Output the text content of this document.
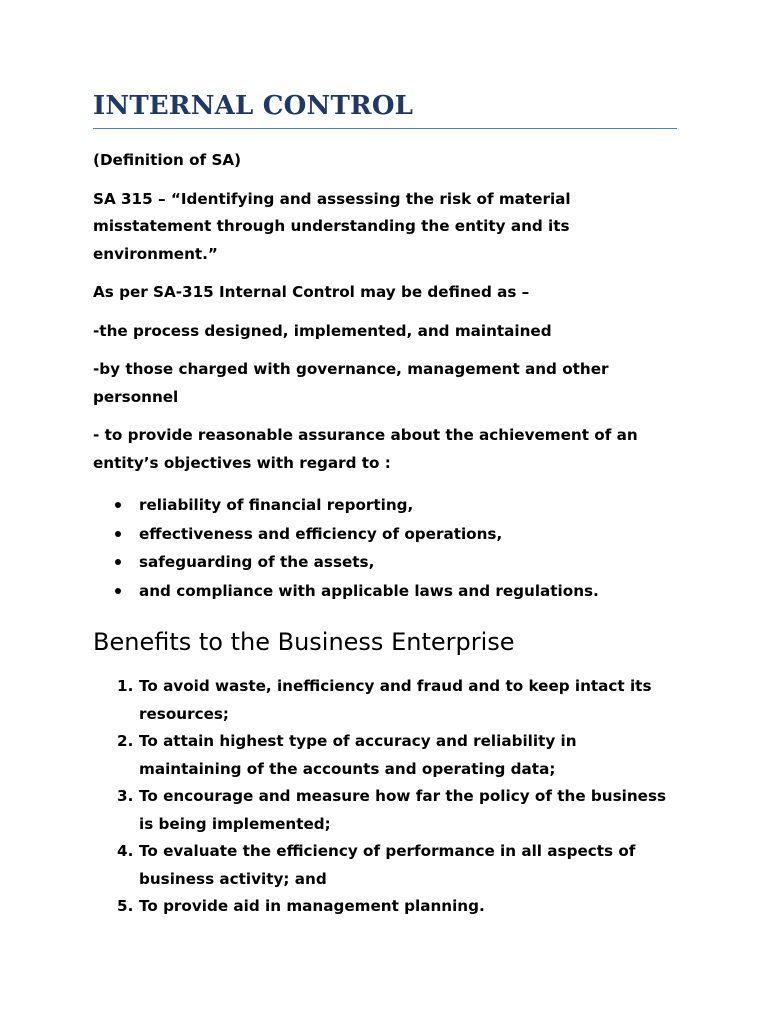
INTERNAL CONTROL

(Definition of SA)

SA 315 – “Identifying and assessing the risk of material misstatement through understanding the entity and its environment.”

As per SA-315 Internal Control may be defined as –

-the process designed, implemented, and maintained

-by those charged with governance, management and other personnel

- to provide reasonable assurance about the achievement of an entity’s objectives with regard to :

reliability of financial reporting,
effectiveness and efficiency of operations,
safeguarding of the assets,
and compliance with applicable laws and regulations.
Benefits to the Business Enterprise
1. To avoid waste, inefficiency and fraud and to keep intact its resources;
2. To attain highest type of accuracy and reliability in maintaining of the accounts and operating data;
3. To encourage and measure how far the policy of the business is being implemented;
4. To evaluate the efficiency of performance in all aspects of business activity; and
5. To provide aid in management planning.
